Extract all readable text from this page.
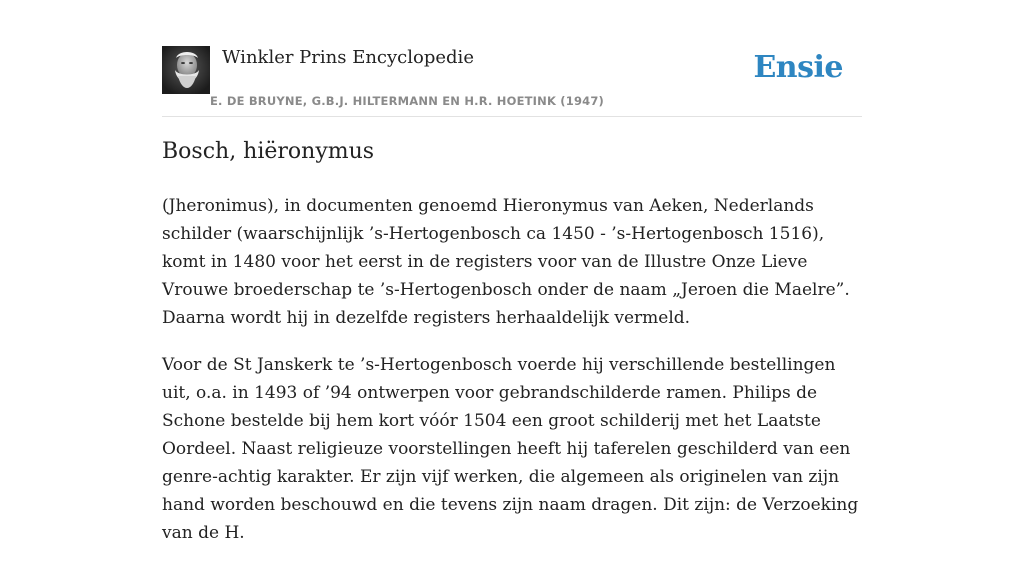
Winkler Prins Encyclopedie
E. DE BRUYNE, G.B.J. HILTERMANN EN H.R. HOETINK (1947)
Ensie
Bosch, hiëronymus

(Jheronimus), in documenten genoemd Hieronymus van Aeken, Nederlands schilder (waarschijnlijk ’s-Hertogenbosch ca 1450 - ’s-Hertogenbosch 1516), komt in 1480 voor het eerst in de registers voor van de Illustre Onze Lieve Vrouwe broederschap te ’s-Hertogenbosch onder de naam „Jeroen die Maelre”. Daarna wordt hij in dezelfde registers herhaaldelijk vermeld.

Voor de St Janskerk te ’s-Hertogenbosch voerde hij verschillende bestellingen uit, o.a. in 1493 of ’94 ontwerpen voor gebrandschilderde ramen. Philips de Schone bestelde bij hem kort vóór 1504 een groot schilderij met het Laatste Oordeel. Naast religieuze voorstellingen heeft hij taferelen geschilderd van een genre-achtig karakter. Er zijn vijf werken, die algemeen als originelen van zijn hand worden beschouwd en die tevens zijn naam dragen. Dit zijn: de Verzoeking van de H.
